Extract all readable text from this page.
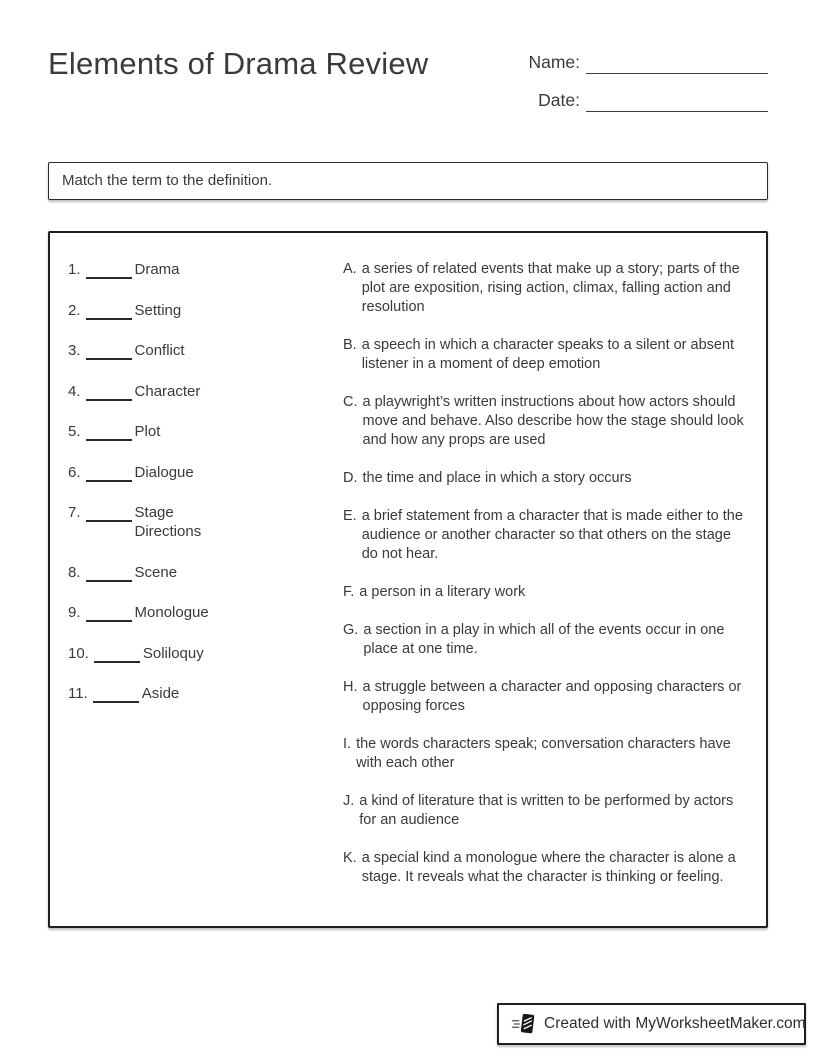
Elements of Drama Review	Name:
Date:
Match the term to the definition.
1.	Drama
2.	Setting
3.	Conflict
4.	Character
5.	Plot
6.	Dialogue
7.	Stage Directions
8.	Scene
9.	Monologue
10.	Soliloquy
11.	Aside
A. a series of related events that make up a story; parts of the plot are exposition, rising action, climax, falling action and resolution
B. a speech in which a character speaks to a silent or absent listener in a moment of deep emotion
C. a playwright’s written instructions about how actors should move and behave. Also describe how the stage should look and how any props are used
D. the time and place in which a story occurs
E. a brief statement from a character that is made either to the audience or another character so that others on the stage do not hear.
F. a person in a literary work
G. a section in a play in which all of the events occur in one place at one time.
H. a struggle between a character and opposing characters or opposing forces
I. the words characters speak; conversation characters have with each other
J. a kind of literature that is written to be performed by actors for an audience
K. a special kind a monologue where the character is alone a stage. It reveals what the character is thinking or feeling.
Created with MyWorksheetMaker.com
